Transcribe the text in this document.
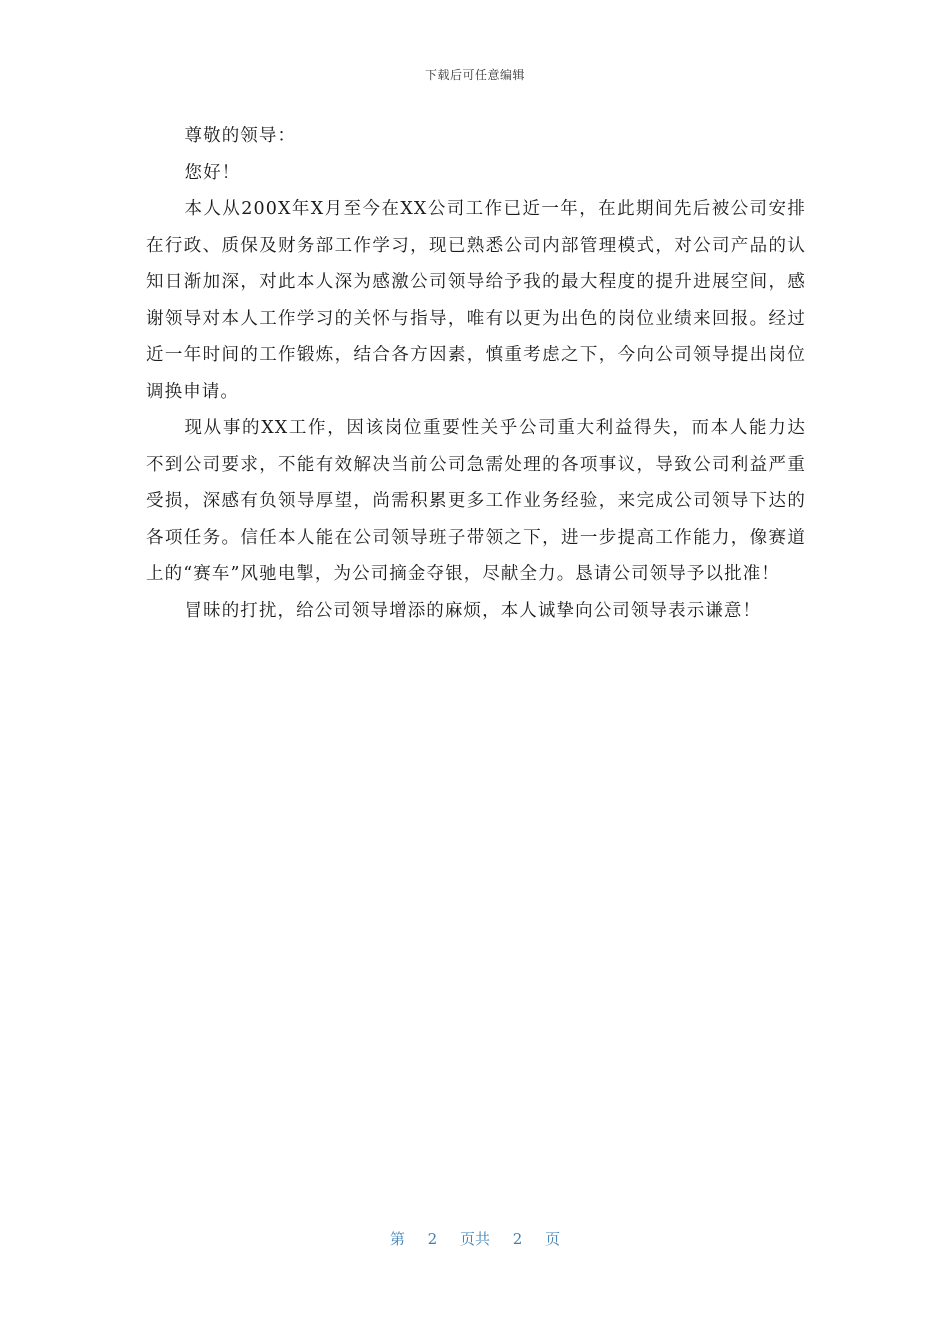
下载后可任意编辑

尊敬的领导：

您好！

本人从200X年X月至今在XX公司工作已近一年，在此期间先后被公司安排在行政、质保及财务部工作学习，现已熟悉公司内部管理模式，对公司产品的认知日渐加深，对此本人深为感激公司领导给予我的最大程度的提升进展空间，感谢领导对本人工作学习的关怀与指导，唯有以更为出色的岗位业绩来回报。经过近一年时间的工作锻炼，结合各方因素，慎重考虑之下，今向公司领导提出岗位调换申请。

现从事的XX工作，因该岗位重要性关乎公司重大利益得失，而本人能力达不到公司要求，不能有效解决当前公司急需处理的各项事议，导致公司利益严重受损，深感有负领导厚望，尚需积累更多工作业务经验，来完成公司领导下达的各项任务。信任本人能在公司领导班子带领之下，进一步提高工作能力，像赛道上的“赛车”风驰电掣，为公司摘金夺银，尽献全力。恳请公司领导予以批准！

冒昧的打扰，给公司领导增添的麻烦，本人诚挚向公司领导表示谦意！

第 2 页共 2 页
